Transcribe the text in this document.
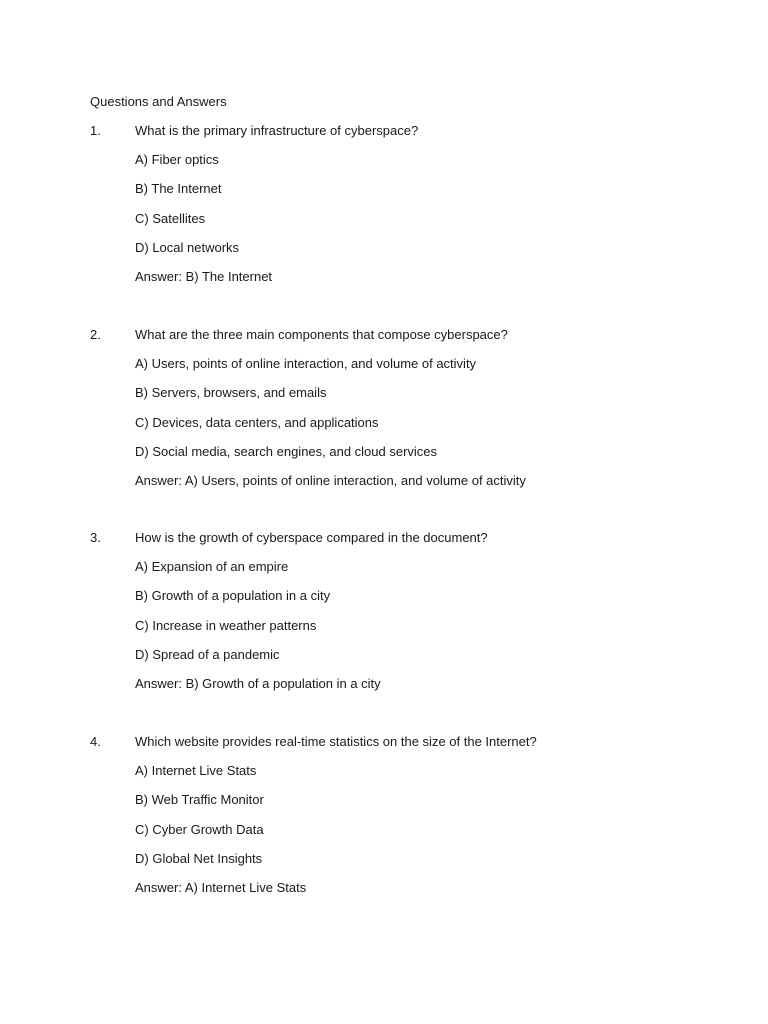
Questions and Answers
1.	What is the primary infrastructure of cyberspace?
A) Fiber optics
B) The Internet
C) Satellites
D) Local networks
Answer: B) The Internet
2.	What are the three main components that compose cyberspace?
A) Users, points of online interaction, and volume of activity
B) Servers, browsers, and emails
C) Devices, data centers, and applications
D) Social media, search engines, and cloud services
Answer: A) Users, points of online interaction, and volume of activity
3.	How is the growth of cyberspace compared in the document?
A) Expansion of an empire
B) Growth of a population in a city
C) Increase in weather patterns
D) Spread of a pandemic
Answer: B) Growth of a population in a city
4.	Which website provides real-time statistics on the size of the Internet?
A) Internet Live Stats
B) Web Traffic Monitor
C) Cyber Growth Data
D) Global Net Insights
Answer: A) Internet Live Stats
